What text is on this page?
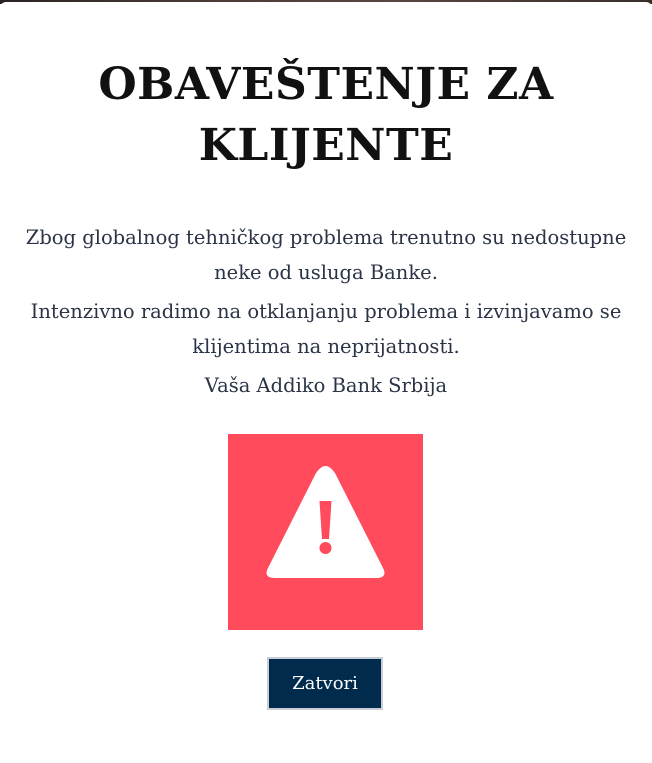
OBAVEŠTENJE ZA KLIJENTE

Zbog globalnog tehničkog problema trenutno su nedostupne neke od usluga Banke.

Intenzivno radimo na otklanjanju problema i izvinjavamo se klijentima na neprijatnosti.

Vaša Addiko Bank Srbija

Zatvori
